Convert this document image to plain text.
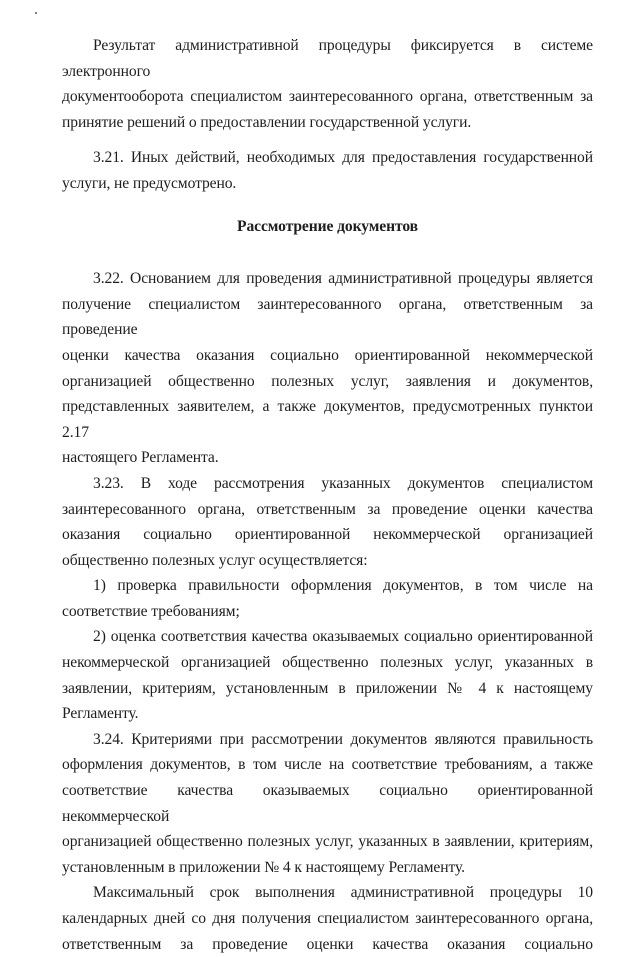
Результат административной процедуры фиксируется в системе электронного

документооборота специалистом заинтересованного органа, ответственным за

принятие решений о предоставлении государственной услуги.

3.21. Иных действий, необходимых для предоставления государственной

услуги, не предусмотрено.

Рассмотрение документов

3.22. Основанием для проведения административной процедуры является

получение специалистом заинтересованного органа, ответственным за проведение

оценки качества оказания социально ориентированной некоммерческой

организацией общественно полезных услуг, заявления и документов,

представленных заявителем, а также документов, предусмотренных пунктои 2.17

настоящего Регламента.

3.23. В ходе рассмотрения указанных документов специалистом

заинтересованного органа, ответственным за проведение оценки качества

оказания социально ориентированной некоммерческой организацией

общественно полезных услуг осуществляется:

1) проверка правильности оформления документов, в том числе на

соответствие требованиям;

2) оценка соответствия качества оказываемых социально ориентированной

некоммерческой организацией общественно полезных услуг, указанных в

заявлении, критериям, установленным в приложении № 4 к настоящему

Регламенту.

3.24. Критериями при рассмотрении документов являются правильность

оформления документов, в том числе на соответствие требованиям, а также

соответствие качества оказываемых социально ориентированной некоммерческой

организацией общественно полезных услуг, указанных в заявлении, критериям,

установленным в приложении № 4 к настоящему Регламенту.

Максимальный срок выполнения административной процедуры 10

календарных дней со дня получения специалистом заинтересованного органа,

ответственным за проведение оценки качества оказания социально
